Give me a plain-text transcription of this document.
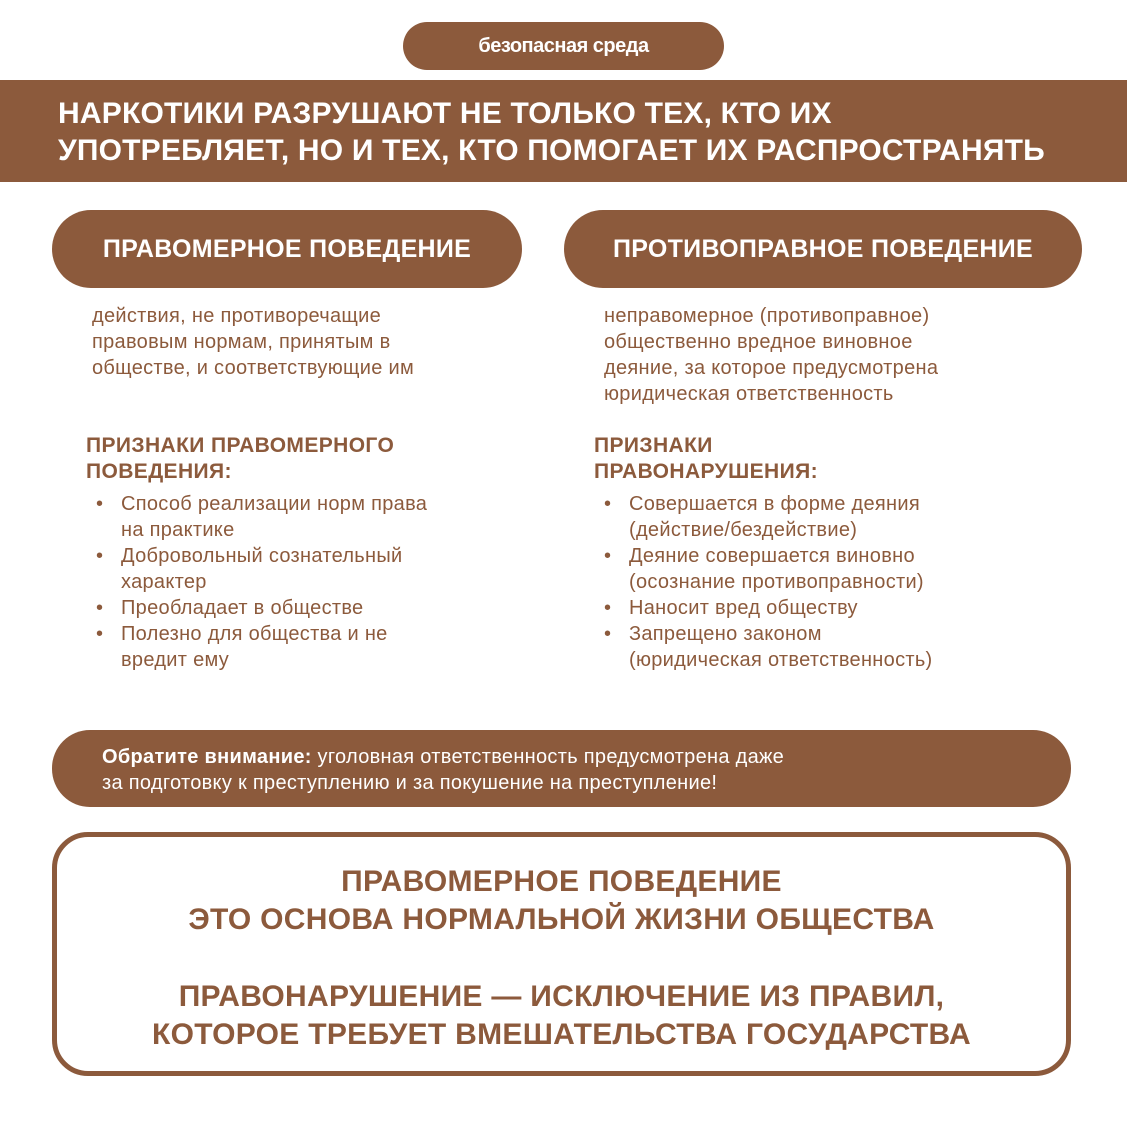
безопасная среда
НАРКОТИКИ РАЗРУШАЮТ НЕ ТОЛЬКО ТЕХ, КТО ИХ
УПОТРЕБЛЯЕТ, НО И ТЕХ, КТО ПОМОГАЕТ ИХ РАСПРОСТРАНЯТЬ
ПРАВОМЕРНОЕ ПОВЕДЕНИЕ	ПРОТИВОПРАВНОЕ ПОВЕДЕНИЕ
действия, не противоречащие
правовым нормам, принятым в
обществе, и соответствующие им
неправомерное (противоправное)
общественно вредное виновное
деяние, за которое предусмотрена
юридическая ответственность
ПРИЗНАКИ ПРАВОМЕРНОГО
ПОВЕДЕНИЯ:
ПРИЗНАКИ
ПРАВОНАРУШЕНИЯ:
• Способ реализации норм права
на практике
• Добровольный сознательный
характер
• Преобладает в обществе
• Полезно для общества и не
вредит ему
• Совершается в форме деяния
(действие/бездействие)
• Деяние совершается виновно
(осознание противоправности)
• Наносит вред обществу
• Запрещено законом
(юридическая ответственность)
Обратите внимание: уголовная ответственность предусмотрена даже
за подготовку к преступлению и за покушение на преступление!
ПРАВОМЕРНОЕ ПОВЕДЕНИЕ
ЭТО ОСНОВА НОРМАЛЬНОЙ ЖИЗНИ ОБЩЕСТВА
ПРАВОНАРУШЕНИЕ — ИСКЛЮЧЕНИЕ ИЗ ПРАВИЛ,
КОТОРОЕ ТРЕБУЕТ ВМЕШАТЕЛЬСТВА ГОСУДАРСТВА
